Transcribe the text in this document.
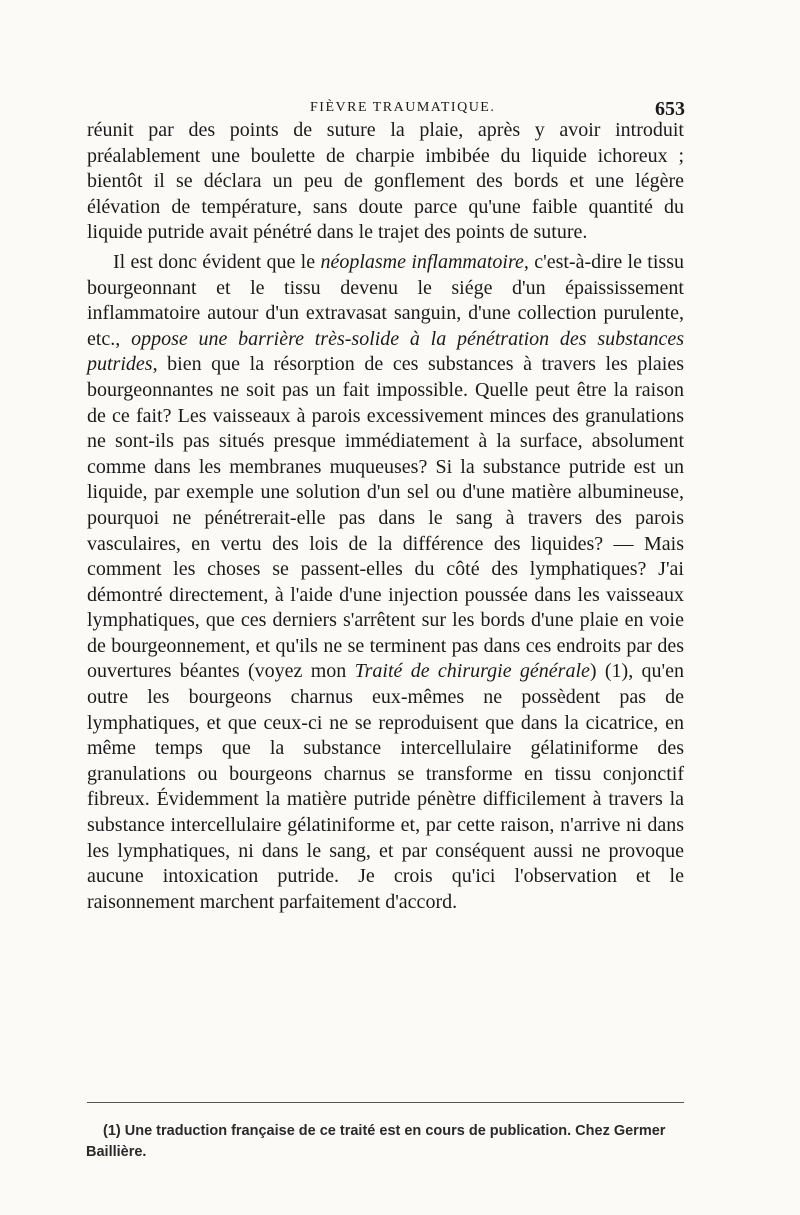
FIÈVRE TRAUMATIQUE.	653

réunit par des points de suture la plaie, après y avoir introduit préalablement une boulette de charpie imbibée du liquide ichoreux ; bientôt il se déclara un peu de gonflement des bords et une légère élévation de température, sans doute parce qu'une faible quantité du liquide putride avait pénétré dans le trajet des points de suture.

Il est donc évident que le néoplasme inflammatoire, c'est-à-dire le tissu bourgeonnant et le tissu devenu le siége d'un épaississement inflammatoire autour d'un extravasat sanguin, d'une collection purulente, etc., oppose une barrière très-solide à la pénétration des substances putrides, bien que la résorption de ces substances à travers les plaies bourgeonnantes ne soit pas un fait impossible. Quelle peut être la raison de ce fait? Les vaisseaux à parois excessivement minces des granulations ne sont-ils pas situés presque immédiatement à la surface, absolument comme dans les membranes muqueuses? Si la substance putride est un liquide, par exemple une solution d'un sel ou d'une matière albumineuse, pourquoi ne pénétrerait-elle pas dans le sang à travers des parois vasculaires, en vertu des lois de la différence des liquides? — Mais comment les choses se passent-elles du côté des lymphatiques? J'ai démontré directement, à l'aide d'une injection poussée dans les vaisseaux lymphatiques, que ces derniers s'arrêtent sur les bords d'une plaie en voie de bourgeonnement, et qu'ils ne se terminent pas dans ces endroits par des ouvertures béantes (voyez mon Traité de chirurgie générale) (1), qu'en outre les bourgeons charnus eux-mêmes ne possèdent pas de lymphatiques, et que ceux-ci ne se reproduisent que dans la cicatrice, en même temps que la substance intercellulaire gélatiniforme des granulations ou bourgeons charnus se transforme en tissu conjonctif fibreux. Évidemment la matière putride pénètre difficilement à travers la substance intercellulaire gélatiniforme et, par cette raison, n'arrive ni dans les lymphatiques, ni dans le sang, et par conséquent aussi ne provoque aucune intoxication putride. Je crois qu'ici l'observation et le raisonnement marchent parfaitement d'accord.

(1) Une traduction française de ce traité est en cours de publication. Chez Germer
Baillière.
